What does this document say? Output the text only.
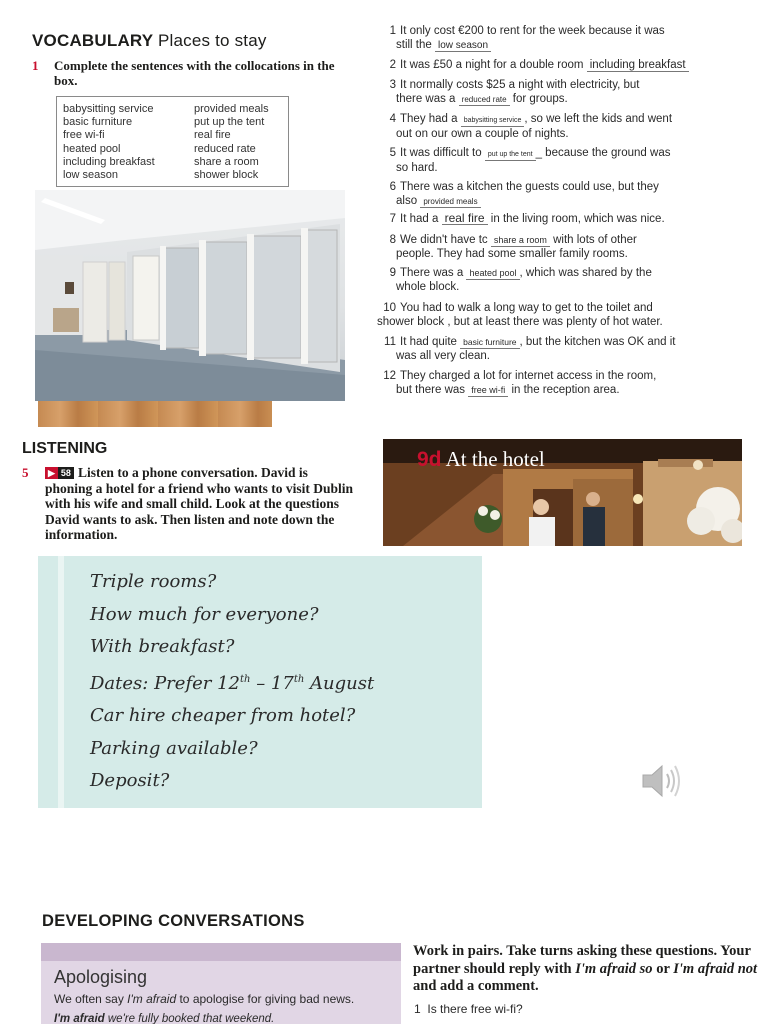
VOCABULARY Places to stay
1 Complete the sentences with the collocations in the box.
babysitting service
basic furniture
free wi-fi
heated pool
including breakfast
low season
provided meals
put up the tent
real fire
reduced rate
share a room
shower block
1 It only cost €200 to rent for the week because it was
still the low season
2 It was £50 a night for a double room including breakfast
3 It normally costs $25 a night with electricity, but
there was a reduced rate for groups.
4 They had a babysitting service , so we left the kids and went
out on our own a couple of nights.
5 It was difficult to put up the tent _ because the ground was
so hard.
6 There was a kitchen the guests could use, but they
also provided meals
7 It had a real fire in the living room, which was nice.
8 We didn't have tc share a room with lots of other
people. They had some smaller family rooms.
9 There was a heated pool , which was shared by the
whole block.
10 You had to walk a long way to get to the toilet and
shower block , but at least there was plenty of hot water.
11 It had quite basic furniture , but the kitchen was OK and it
was all very clean.
12 They charged a lot for internet access in the room,
but there was free wi-fi in the reception area.
LISTENING
5	▶ 58 Listen to a phone conversation. David is phoning a hotel for a friend who wants to visit Dublin with his wife and small child. Look at the questions David wants to ask. Then listen and note down the information.
9d At the hotel
Triple rooms?
How much for everyone?
With breakfast?
Dates: Prefer 12th – 17th August
Car hire cheaper from hotel?
Parking available?
Deposit?
DEVELOPING CONVERSATIONS
Apologising
We often say I'm afraid to apologise for giving bad news.
I'm afraid we're fully booked that weekend.
Work in pairs. Take turns asking these questions. Your partner should reply with I'm afraid so or I'm afraid not and add a comment.
1 Is there free wi-fi?
